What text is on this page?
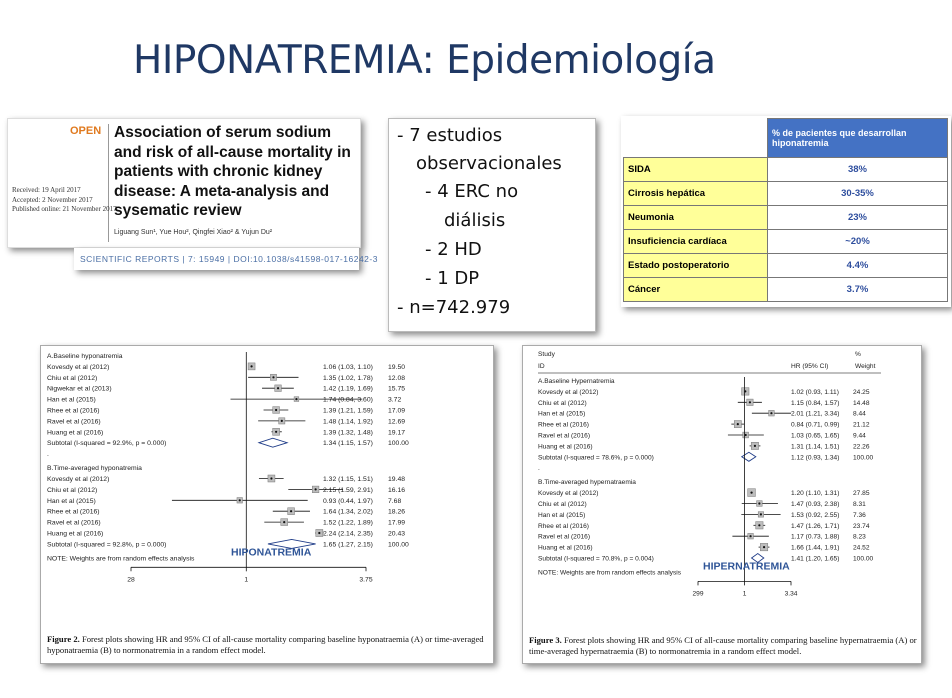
HIPONATREMIA: Epidemiología
OPEN Association of serum sodium and risk of all-cause mortality in patients with chronic kidney disease: A meta-analysis and sysematic review
Received: 19 April 2017
Accepted: 2 November 2017
Published online: 21 November 2017
Liguang Sun¹, Yue Hou², Qingfei Xiao² & Yujun Du²
SCIENTIFIC REPORTS | 7: 15949 | DOI:10.1038/s41598-017-16242-3
- 7 estudios
observacionales
- 4 ERC no
diálisis
- 2 HD
- 1 DP
- n=742.979
	% de pacientes que desarrollan hiponatremia
SIDA	38%
Cirrosis hepática	30-35%
Neumonia	23%
Insuficiencia cardíaca	~20%
Estado postoperatorio	4.4%
Cáncer	3.7%
A.Baseline hyponatremia
Kovesdy et al (2012)	1.06 (1.03, 1.10) 19.50
Chiu et al (2012)	1.35 (1.02, 1.78) 12.08
Nigwekar et al (2013)	1.42 (1.19, 1.69) 15.75
Han et al (2015)	1.74 (0.84, 3.60) 3.72
Rhee et al (2016)	1.39 (1.21, 1.59) 17.09
Ravel et al (2016)	1.48 (1.14, 1.92) 12.69
Huang et al (2016)	1.39 (1.32, 1.48) 19.17
Subtotal (I-squared = 92.9%, p = 0.000)	1.34 (1.15, 1.57) 100.00
.
B.Time-averaged hyponatremia
Kovesdy et al (2012)	1.32 (1.15, 1.51) 19.48
Chiu et al (2012)	2.15 (1.59, 2.91) 16.16
Han et al (2015)	0.93 (0.44, 1.97) 7.68
Rhee et al (2016)	1.64 (1.34, 2.02) 18.26
Ravel et al (2016)	1.52 (1.22, 1.89) 17.99
Huang et al (2016)	2.24 (2.14, 2.35) 20.43
Subtotal (I-squared = 92.8%, p = 0.000)	1.65 (1.27, 2.15) 100.00
NOTE: Weights are from random effects analysis
28	1	3.75
HIPONATREMIA
Figure 2. Forest plots showing HR and 95% CI of all-cause mortality comparing baseline hyponatraemia (A) or time-averaged hyponatraemia (B) to normonatremia in a random effect model.
Study
ID	HR (95% CI)
%
Weight
A.Baseline Hypernatremia
Kovesdy et al (2012)	1.02 (0.93, 1.11) 24.25
Chiu et al (2012)	1.15 (0.84, 1.57) 14.48
Han et al (2015)	2.01 (1.21, 3.34) 8.44
Rhee et al (2016)	0.84 (0.71, 0.99) 21.12
Ravel et al (2016)	1.03 (0.65, 1.65) 9.44
Huang et al (2016)	1.31 (1.14, 1.51) 22.26
Subtotal (I-squared = 78.6%, p = 0.000)	1.12 (0.93, 1.34) 100.00
.
B.Time-averaged hypernatraemia
Kovesdy et al (2012)	1.20 (1.10, 1.31) 27.85
Chiu et al (2012)	1.47 (0.93, 2.38) 8.31
Han et al (2015)	1.53 (0.92, 2.55) 7.36
Rhee et al (2016)	1.47 (1.26, 1.71) 23.74
Ravel et al (2016)	1.17 (0.73, 1.88) 8.23
Huang et al (2016)	1.66 (1.44, 1.91) 24.52
Subtotal (I-squared = 70.8%, p = 0.004)	1.41 (1.20, 1.65) 100.00
NOTE: Weights are from random effects analysis
299	1	3.34
HIPERNATREMIA
Figure 3. Forest plots showing HR and 95% CI of all-cause mortality comparing baseline hypernatraemia (A) or time-averaged hypernatraemia (B) to normonatremia in a random effect model.
